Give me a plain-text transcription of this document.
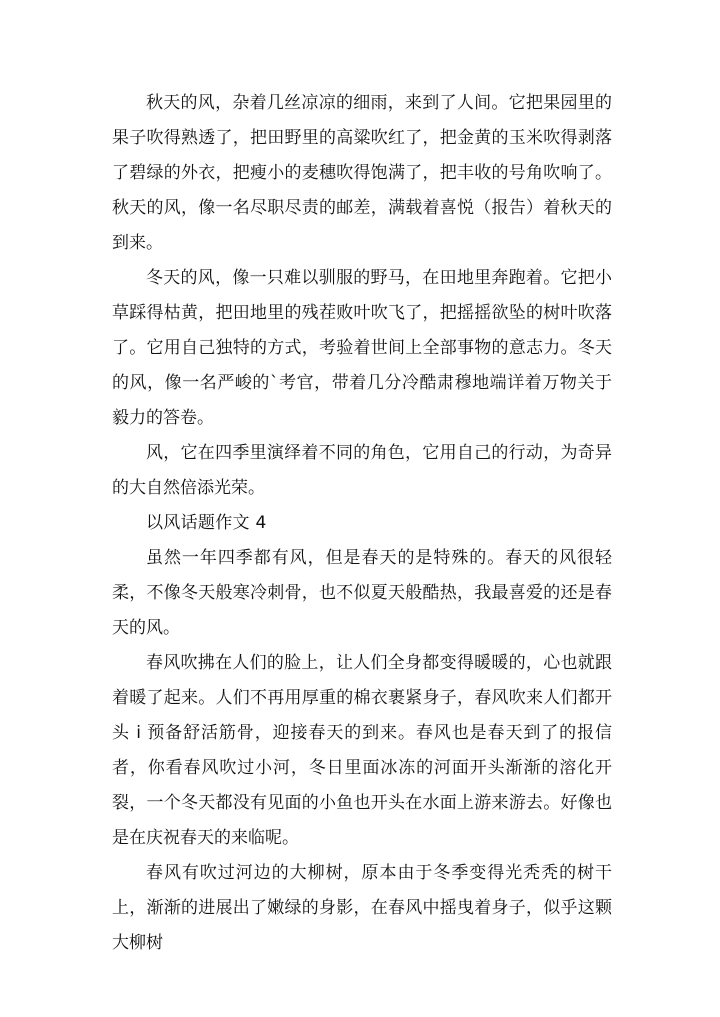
秋天的风，杂着几丝凉凉的细雨，来到了人间。它把果园里的果子吹得熟透了，把田野里的高粱吹红了，把金黄的玉米吹得剥落了碧绿的外衣，把瘦小的麦穗吹得饱满了，把丰收的号角吹响了。秋天的风，像一名尽职尽责的邮差，满载着喜悦（报告）着秋天的到来。

冬天的风，像一只难以驯服的野马，在田地里奔跑着。它把小草踩得枯黄，把田地里的残茬败叶吹飞了，把摇摇欲坠的树叶吹落了。它用自己独特的方式，考验着世间上全部事物的意志力。冬天的风，像一名严峻的`考官，带着几分冷酷肃穆地端详着万物关于毅力的答卷。

风，它在四季里演绎着不同的角色，它用自己的行动，为奇异的大自然倍添光荣。

以风话题作文 4

虽然一年四季都有风，但是春天的是特殊的。春天的风很轻柔，不像冬天般寒冷刺骨，也不似夏天般酷热，我最喜爱的还是春天的风。

春风吹拂在人们的脸上，让人们全身都变得暖暖的，心也就跟着暖了起来。人们不再用厚重的棉衣裹紧身子，春风吹来人们都开头 i 预备舒活筋骨，迎接春天的到来。春风也是春天到了的报信者，你看春风吹过小河，冬日里面冰冻的河面开头渐渐的溶化开裂，一个冬天都没有见面的小鱼也开头在水面上游来游去。好像也是在庆祝春天的来临呢。

春风有吹过河边的大柳树，原本由于冬季变得光秃秃的树干上，渐渐的进展出了嫩绿的身影，在春风中摇曳着身子，似乎这颗大柳树
